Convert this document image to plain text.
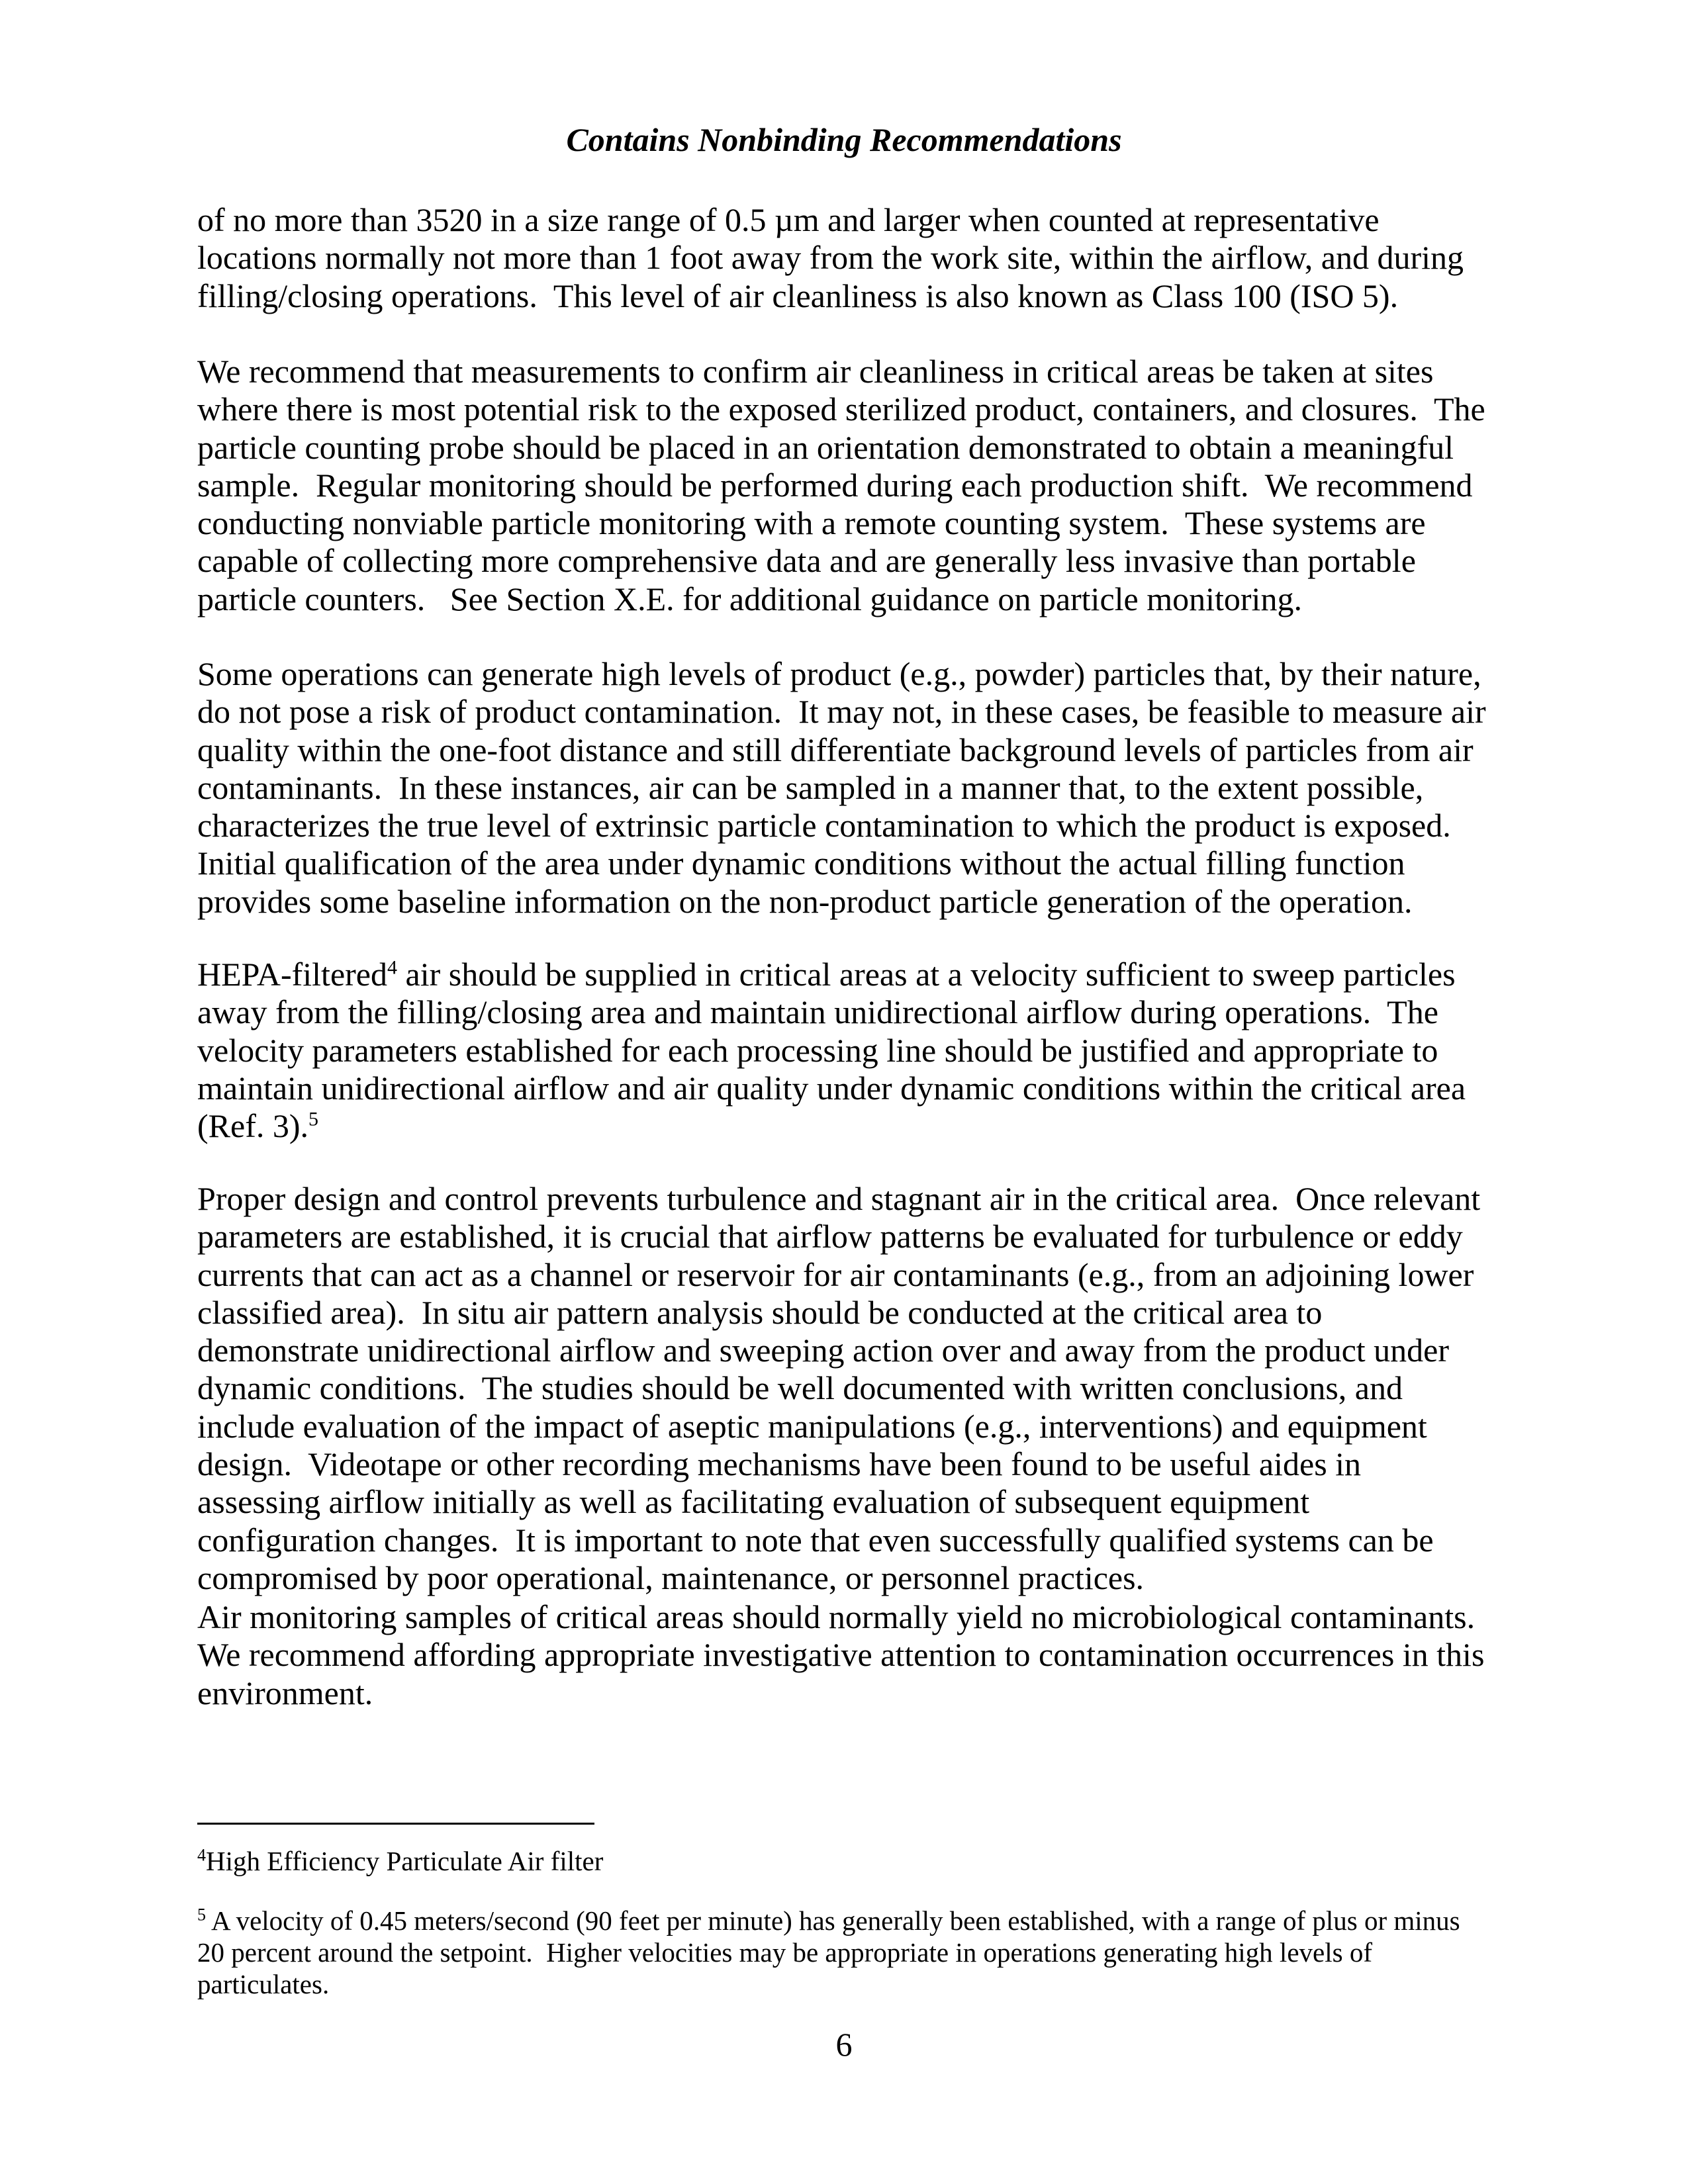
Contains Nonbinding Recommendations
of no more than 3520 in a size range of 0.5 µm and larger when counted at representative
locations normally not more than 1 foot away from the work site, within the airflow, and during
filling/closing operations.  This level of air cleanliness is also known as Class 100 (ISO 5).
We recommend that measurements to confirm air cleanliness in critical areas be taken at sites
where there is most potential risk to the exposed sterilized product, containers, and closures.  The
particle counting probe should be placed in an orientation demonstrated to obtain a meaningful
sample.  Regular monitoring should be performed during each production shift.  We recommend
conducting nonviable particle monitoring with a remote counting system.  These systems are
capable of collecting more comprehensive data and are generally less invasive than portable
particle counters.   See Section X.E. for additional guidance on particle monitoring.
Some operations can generate high levels of product (e.g., powder) particles that, by their nature,
do not pose a risk of product contamination.  It may not, in these cases, be feasible to measure air
quality within the one-foot distance and still differentiate background levels of particles from air
contaminants.  In these instances, air can be sampled in a manner that, to the extent possible,
characterizes the true level of extrinsic particle contamination to which the product is exposed.
Initial qualification of the area under dynamic conditions without the actual filling function
provides some baseline information on the non-product particle generation of the operation.
HEPA-filtered$^4$ air should be supplied in critical areas at a velocity sufficient to sweep particles
away from the filling/closing area and maintain unidirectional airflow during operations.  The
velocity parameters established for each processing line should be justified and appropriate to
maintain unidirectional airflow and air quality under dynamic conditions within the critical area
(Ref. 3).$^5$
Proper design and control prevents turbulence and stagnant air in the critical area.  Once relevant
parameters are established, it is crucial that airflow patterns be evaluated for turbulence or eddy
currents that can act as a channel or reservoir for air contaminants (e.g., from an adjoining lower
classified area).  In situ air pattern analysis should be conducted at the critical area to
demonstrate unidirectional airflow and sweeping action over and away from the product under
dynamic conditions.  The studies should be well documented with written conclusions, and
include evaluation of the impact of aseptic manipulations (e.g., interventions) and equipment
design.  Videotape or other recording mechanisms have been found to be useful aides in
assessing airflow initially as well as facilitating evaluation of subsequent equipment
configuration changes.  It is important to note that even successfully qualified systems can be
compromised by poor operational, maintenance, or personnel practices.
Air monitoring samples of critical areas should normally yield no microbiological contaminants.
We recommend affording appropriate investigative attention to contamination occurrences in this
environment.
$^4$High Efficiency Particulate Air filter
$^5$ A velocity of 0.45 meters/second (90 feet per minute) has generally been established, with a range of plus or minus
20 percent around the setpoint.  Higher velocities may be appropriate in operations generating high levels of
particulates.
6
